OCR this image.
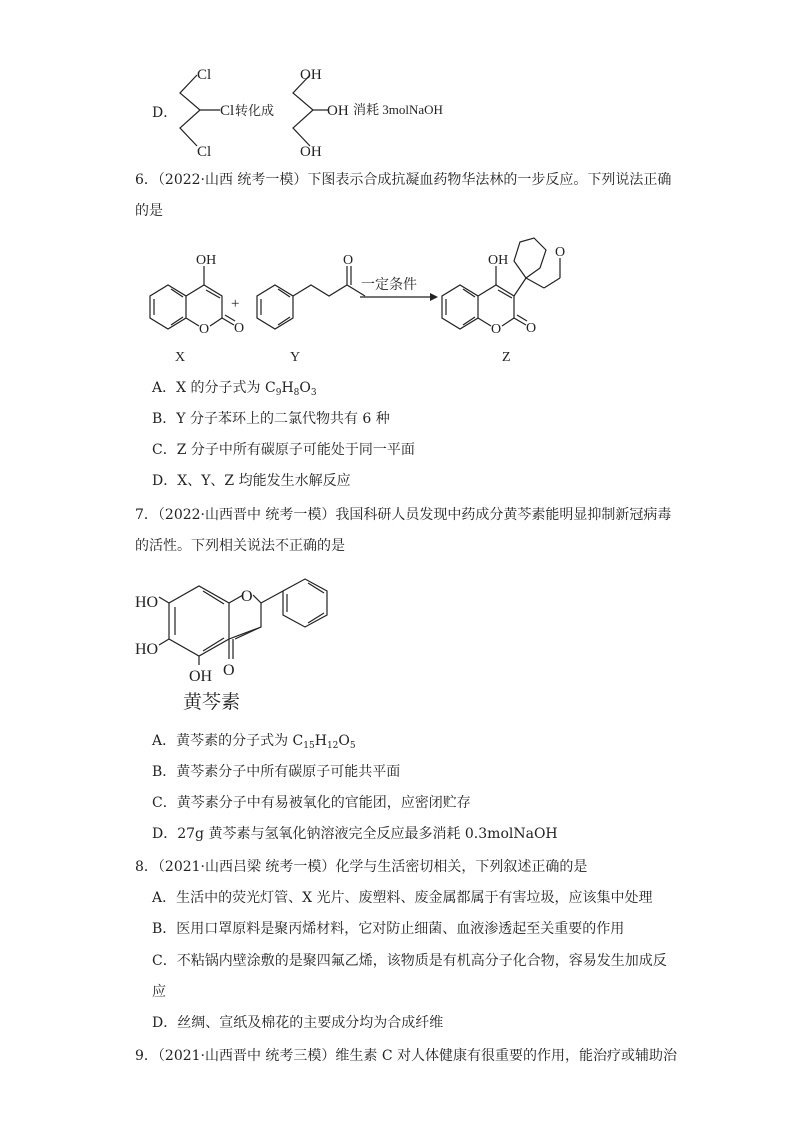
D．
Cl
Cl
Cl
转化成
OH
OH
OH
消耗 3molNaOH
6．（2022·山西 统考一模）下图表示合成抗凝血药物华法林的一步反应。下列说法正确
的是
OH
O O
+
O
一定条件
OH
O O
O
X	Y	Z
A．X 的分子式为 $C_9H_8O_3$
B．Y 分子苯环上的二氯代物共有 6 种
C．Z 分子中所有碳原子可能处于同一平面
D．X、Y、Z 均能发生水解反应
7．（2022·山西晋中 统考一模）我国科研人员发现中药成分黄芩素能明显抑制新冠病毒
的活性。下列相关说法不正确的是
HO
HO
OH
O
O
黄芩素
A．黄芩素的分子式为 $C_{15}H_{12}O_5$
B．黄芩素分子中所有碳原子可能共平面
C．黄芩素分子中有易被氧化的官能团，应密闭贮存
D．27g 黄芩素与氢氧化钠溶液完全反应最多消耗 0.3molNaOH
8．（2021·山西吕梁 统考一模）化学与生活密切相关，下列叙述正确的是
A．生活中的荧光灯管、X 光片、废塑料、废金属都属于有害垃圾，应该集中处理
B．医用口罩原料是聚丙烯材料，它对防止细菌、血液渗透起至关重要的作用
C．不粘锅内壁涂敷的是聚四氟乙烯，该物质是有机高分子化合物，容易发生加成反
应
D．丝绸、宣纸及棉花的主要成分均为合成纤维
9．（2021·山西晋中 统考三模）维生素 C 对人体健康有很重要的作用，能治疗或辅助治
